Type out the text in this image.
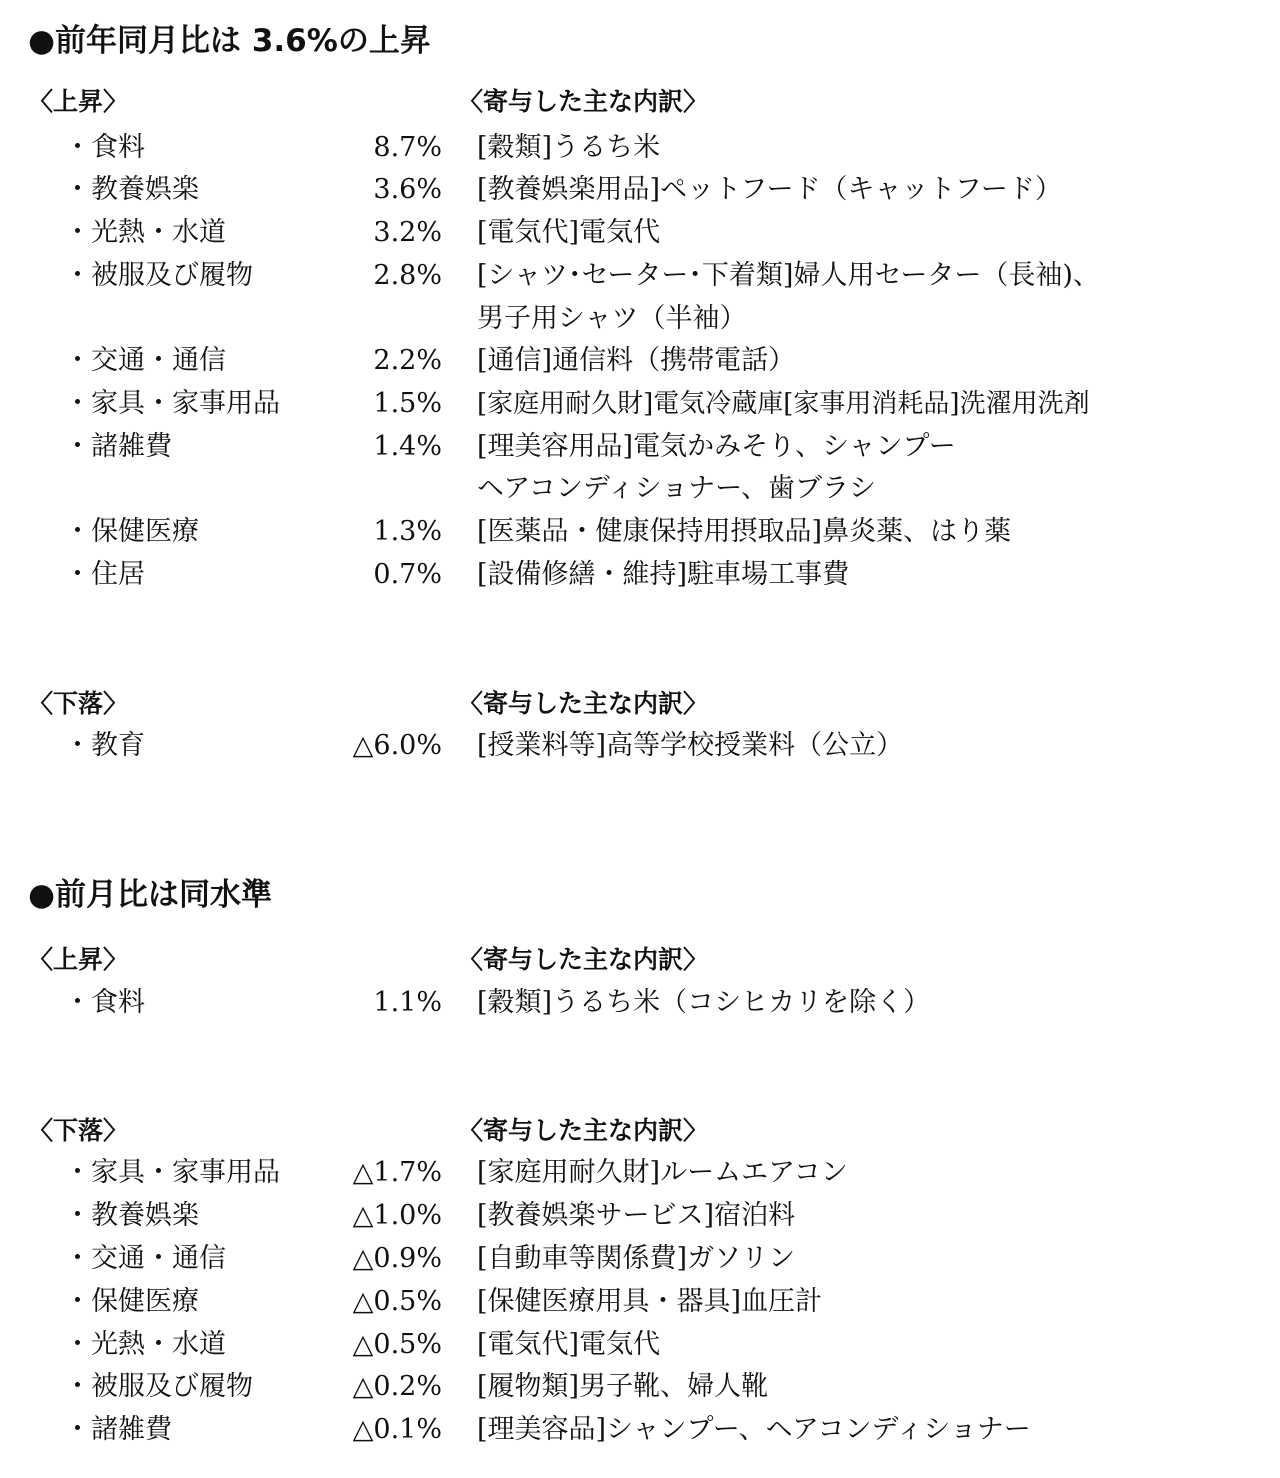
●前年同月比は 3.6%の上昇
〈上昇〉	〈寄与した主な内訳〉
・食料	8.7% [穀類]うるち米
・教養娯楽	3.6% [教養娯楽用品]ペットフード（キャットフード）
・光熱・水道	3.2% [電気代]電気代
・被服及び履物	2.8% [シャツ･セーター･下着類]婦人用セーター（長袖)、
男子用シャツ（半袖）
・交通・通信	2.2% [通信]通信料（携帯電話）
・家具・家事用品	1.5% [家庭用耐久財]電気冷蔵庫[家事用消耗品]洗濯用洗剤
・諸雑費	1.4% [理美容用品]電気かみそり、シャンプー
ヘアコンディショナー、歯ブラシ
・保健医療	1.3% [医薬品・健康保持用摂取品]鼻炎薬、はり薬
・住居	0.7% [設備修繕・維持]駐車場工事費
〈下落〉	〈寄与した主な内訳〉
・教育	△6.0% [授業料等]高等学校授業料（公立）
●前月比は同水準
〈上昇〉	〈寄与した主な内訳〉
・食料	1.1% [穀類]うるち米（コシヒカリを除く）
〈下落〉	〈寄与した主な内訳〉
・家具・家事用品	△1.7% [家庭用耐久財]ルームエアコン
・教養娯楽	△1.0% [教養娯楽サービス]宿泊料
・交通・通信	△0.9% [自動車等関係費]ガソリン
・保健医療	△0.5% [保健医療用具・器具]血圧計
・光熱・水道	△0.5% [電気代]電気代
・被服及び履物	△0.2% [履物類]男子靴、婦人靴
・諸雑費	△0.1% [理美容品]シャンプー、ヘアコンディショナー
